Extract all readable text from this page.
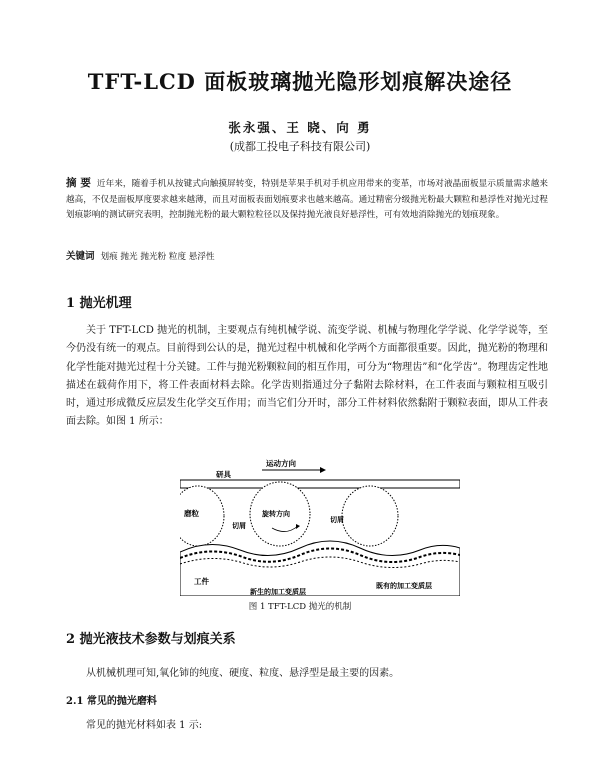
TFT-LCD 面板玻璃抛光隐形划痕解决途径
张永强、王 晓、向 勇
(成都工投电子科技有限公司)
摘 要 近年来，随着手机从按键式向触摸屏转变，特别是苹果手机对手机应用带来的变革，市场对液晶面板显示质量需求越来越高，不仅是面板厚度要求越来越薄，而且对面板表面划痕要求也越来越高。通过精密分级抛光粉最大颗粒和悬浮性对抛光过程划痕影响的测试研究表明，控制抛光粉的最大颗粒粒径以及保持抛光液良好悬浮性，可有效地消除抛光的划痕现象。
关键词 划痕 抛光 抛光粉 粒度 悬浮性
1 抛光机理
关于 TFT-LCD 抛光的机制，主要观点有纯机械学说、流变学说、机械与物理化学学说、化学学说等，至今仍没有统一的观点。目前得到公认的是，抛光过程中机械和化学两个方面都很重要。因此，抛光粉的物理和化学性能对抛光过程十分关键。工件与抛光粉颗粒间的相互作用，可分为“物理齿”和“化学齿”。物理齿定性地描述在载荷作用下，将工件表面材料去除。化学齿则指通过分子黏附去除材料，在工件表面与颗粒相互吸引时，通过形成微反应层发生化学交互作用；而当它们分开时，部分工件材料依然黏附于颗粒表面，即从工件表面去除。如图 1 所示：
运动方向
研具
磨粒	旋转方向
切屑
切屑
工件
新生的加工变质层
既有的加工变质层
图 1 TFT-LCD 抛光的机制
2 抛光液技术参数与划痕关系
从机械机理可知,氧化铈的纯度、硬度、粒度、悬浮型是最主要的因素。
2.1 常见的抛光磨料
常见的抛光材料如表 1 示:
